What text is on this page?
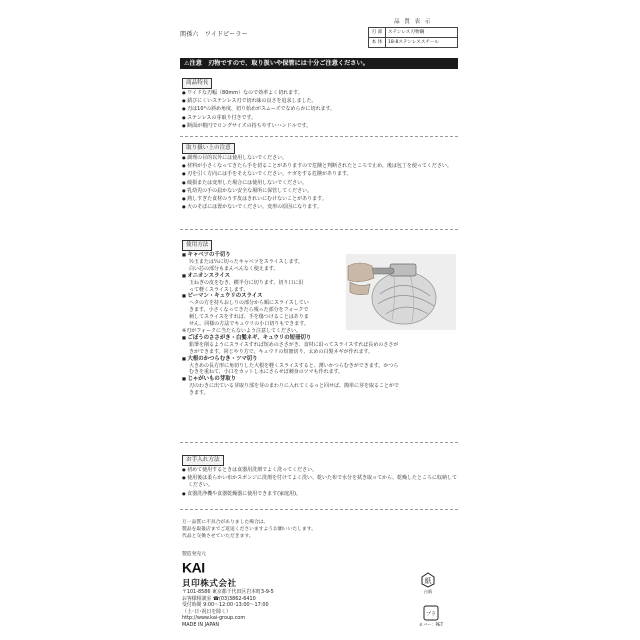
関孫六　ワイドピーラー
品 質 表 示
刃 部	ステンレス刃物鋼
本 体	18-8ステンレススチール
⚠注意　刃物ですので、取り扱いや保管には十分ご注意ください。
商品特長
● ワイドな刃幅（80mm）なので効率よく切れます。
● 錆びにくいステンレス刃で切れ味の良さを追求しました。
● 刃は10°の斜め角度、切り始めがスムーズでなめらかに切れます。
● ステンレスの芽取り付きです。
● 断面が楕円でロングサイズの持ちやすいハンドルです。
取り扱い上の注意
● 調理の目的以外には使用しないでください。
● 材料が小さくなってきたら手を切ることがありますので危険と判断されたところで止め、後は包丁を使ってください。
● 刃を引く方向には手をそえないでください。ケガをする危険があります。
● 破損または変形した場合には使用しないでください。
● 乳幼児の手の届かない安全な場所に保管してください。
● 熱しすぎた食材のうす皮はきれいにむけないことがあります。
● 火のそばには置かないでください。変形の原因になります。
使用方法
■ キャベツの千切り
½玉または¼に切ったキャベツをスライスします。
白い芯の部分もまんべんなく使えます。
■ オニオンスライス
玉ねぎの皮をむき、横半分に切ります。切り口に沿
って軽くスライスします。
■ ピーマン・キュウリのスライス
ヘタの方を持ちおしりの部分から順にスライスしてい
きます。小さくなってきたら残った部分をフォークで
刺してスライスをすれば、手を傷つけることはありま
せん。同様の方法でキュウリの小口切りもできます。
※刃がフォークに当たらないよう注意してください。
■ ごぼうのささがき・白髪ネギ、キュウリの短冊切り
鉛筆を削るようにスライスすれば短めのささがき、食材に沿ってスライスすれば長めのささが
きができます。同じやり方で、キュウリの短冊切り、太めの白髪ネギが作れます。
■ 大根のかつらむき・ツマ切り
大きめの長方形に角切りした大根を軽くスライスすると、薄いかつらむきができます。かつら
むきを重ねて、小口をカットし水にさらせば刺身のツマも作れます。
■ じゃがいもの芽取り
刃のわきに出ている芽取り部を芽のまわりに入れてくるっと回せば、簡単に芽を取ることがで
きます。
お手入れ方法
● 初めて使用するときは食器用洗剤でよく洗ってください。
● 使用後は柔らかい布かスポンジに洗剤を付けてよく洗い、乾いた布で水分を拭き取ってから、乾燥したところに収納してください。
● 食器洗浄機や食器乾燥器に使用できます(家庭用)。
万一品質に不具合がありました場合は、
製品を取扱店までご返送くださいますようお願いいたします。
代品と交換させていただきます。
製造発売元
KAI
貝印株式会社
〒101-8586 東京都千代田区岩本町3-9-5
お客様相談室 ☎(03)3862-6410
受付時間 9:00〜12:00･13:00〜17:00
（土･日･祝日を除く）
http://www.kai-group.com
MADE IN JAPAN
紙
台紙
プラ
カバー：PET
